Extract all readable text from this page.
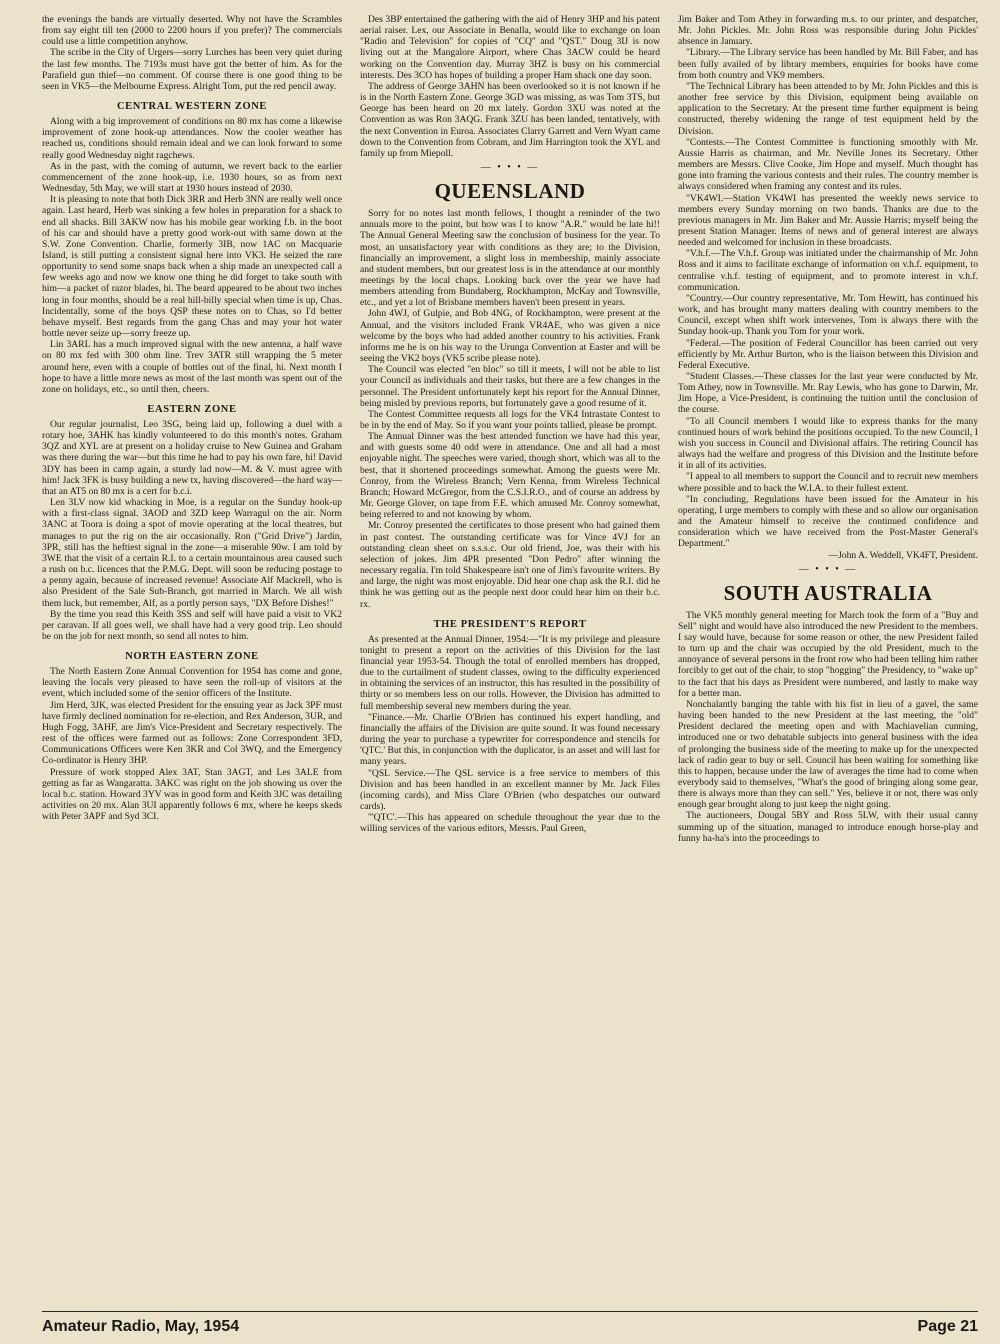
the evenings the bands are virtually deserted. Why not have the Scrambles from say eight till ten (2000 to 2200 hours if you prefer)? The commercials could use a little competition anyhow.

The scribe in the City of Urgers—sorry Lurches has been very quiet during the last few months. The 7193s must have got the better of him. As for the Parafield gun thief—no comment. Of course there is one good thing to be seen in VK5—the Melbourne Express. Alright Tom, put the red pencil away.

CENTRAL WESTERN ZONE

Along with a big improvement of conditions on 80 mx has come a likewise improvement of zone hook-up attendances. Now the cooler weather has reached us, conditions should remain ideal and we can look forward to some really good Wednesday night ragchews.

As in the past, with the coming of autumn, we revert back to the earlier commencement of the zone hook-up, i.e. 1930 hours, so as from next Wednesday, 5th May, we will start at 1930 hours instead of 2030.

It is pleasing to note that both Dick 3RR and Herb 3NN are really well once again. Last heard, Herb was sinking a few holes in preparation for a shack to end all shacks. Bill 3AKW now has his mobile gear working f.b. in the boot of his car and should have a pretty good work-out with same down at the S.W. Zone Convention. Charlie, formerly 3IB, now 1AC on Macquarie Island, is still putting a consistent signal here into VK3. He seized the rare opportunity to send some snaps back when a ship made an unexpected call a few weeks ago and now we know one thing he did forget to take south with him—a packet of razor blades, hi. The beard appeared to be about two inches long in four months, should be a real hill-billy special when time is up, Chas. Incidentally, some of the boys QSP these notes on to Chas, so I'd better behave myself. Best regards from the gang Chas and may your hot water bottle never seize up—sorry freeze up.

Lin 3ARL has a much improved signal with the new antenna, a half wave on 80 mx fed with 300 ohm line. Trev 3ATR still wrapping the 5 meter around here, even with a couple of bottles out of the final, hi. Next month I hope to have a little more news as most of the last month was spent out of the zone on holidays, etc., so until then, cheers.

EASTERN ZONE

Our regular journalist, Leo 3SG, being laid up, following a duel with a rotary hoe, 3AHK has kindly volunteered to do this month's notes. Graham 3QZ and XYL are at present on a holiday cruise to New Guinea and Graham was there during the war—but this time he had to pay his own fare, hi! David 3DY has been in camp again, a sturdy lad now—M. & V. must agree with him! Jack 3FK is busy building a new tx, having discovered—the hard way—that an AT5 on 80 mx is a cert for b.c.i.

Len 3LV now kid whacking in Moe, is a regular on the Sunday hook-up with a first-class signal. 3AOD and 3ZD keep Warragul on the air. Norm 3ANC at Toora is doing a spot of movie operating at the local theatres, but manages to put the rig on the air occasionally. Ron ("Grid Drive") Jardin, 3PR, still has the heftiest signal in the zone—a miserable 90w. I am told by 3WE that the visit of a certain R.I. to a certain mountainous area caused such a rush on b.c. licences that the P.M.G. Dept. will soon be reducing postage to a penny again, because of increased revenue! Associate Alf Mackrell, who is also President of the Sale Sub-Branch, got married in March. We all wish them luck, but remember, Alf, as a portly person says, "DX Before Dishes!"

By the time you read this Keith 3SS and self will have paid a visit to VK2 per caravan. If all goes well, we shall have had a very good trip. Leo should be on the job for next month, so send all notes to him.

NORTH EASTERN ZONE

The North Eastern Zone Annual Convention for 1954 has come and gone, leaving the locals very pleased to have seen the roll-up of visitors at the event, which included some of the senior officers of the Institute.

Jim Herd, 3JK, was elected President for the ensuing year as Jack 3PF must have firmly declined nomination for re-election, and Rex Anderson, 3UR, and Hugh Fogg, 3AHF, are Jim's Vice-President and Secretary respectively. The rest of the offices were farmed out as follows: Zone Correspondent 3FD, Communications Officers were Ken 3KR and Col 3WQ, and the Emergency Co-ordinator is Henry 3HP.

Pressure of work stopped Alex 3AT, Stan 3AGT, and Les 3ALE from getting as far as Wangaratta. 3AKC was right on the job showing us over the local b.c. station. Howard 3YV was in good form and Keith 3JC was detailing activities on 20 mx. Alan 3UI apparently follows 6 mx, where he keeps skeds with Peter 3APF and Syd 3CI.

Des 3BP entertained the gathering with the aid of Henry 3HP and his patent aerial raiser. Lex, our Associate in Benalla, would like to exchange on loan "Radio and Television" for copies of "CQ" and "QST." Doug 3IJ is now living out at the Mangalore Airport, where Chas 3ACW could be heard working on the Convention day. Murray 3HZ is busy on his commercial interests. Des 3CO has hopes of building a proper Ham shack one day soon.

The address of George 3AHN has been overlooked so it is not known if he is in the North Eastern Zone. George 3GD was missing, as was Tom 3TS, but George has been heard on 20 mx lately. Gordon 3XU was noted at the Convention as was Ron 3AQG. Frank 3ZU has been landed, tentatively, with the next Convention in Euroa. Associates Clarry Garrett and Vern Wyatt came down to the Convention from Cobram, and Jim Harrington took the XYL and family up from Miepoll.

— • • • —
QUEENSLAND

Sorry for no notes last month fellows, I thought a reminder of the two annuals more to the point, but how was I to know "A.R." would be late hi!! The Annual General Meeting saw the conclusion of business for the year. To most, an unsatisfactory year with conditions as they are; to the Division, financially an improvement, a slight loss in membership, mainly associate and student members, but our greatest loss is in the attendance at our monthly meetings by the local chaps. Looking back over the year we have had members attending from Bundaberg, Rockhampton, McKay and Townsville, etc., and yet a lot of Brisbane members haven't been present in years.

John 4WJ, of Gulpie, and Bob 4NG, of Rockhampton, were present at the Annual, and the visitors included Frank VR4AE, who was given a nice welcome by the boys who had added another country to his activities. Frank informs me he is on his way to the Urunga Convention at Easter and will be seeing the VK2 boys (VK5 scribe please note).

The Council was elected "en bloc" so till it meets, I will not be able to list your Council as individuals and their tasks, but there are a few changes in the personnel. The President unfortunately kept his report for the Annual Dinner, being misled by previous reports, but fortunately gave a good resume of it.

The Contest Committee requests all logs for the VK4 Intrastate Contest to be in by the end of May. So if you want your points tallied, please be prompt.

The Annual Dinner was the best attended function we have had this year, and with guests some 40 odd were in attendance. One and all had a most enjoyable night. The speeches were varied, though short, which was all to the best, that it shortened proceedings somewhat. Among the guests were Mr. Conroy, from the Wireless Branch; Vern Kenna, from Wireless Technical Branch; Howard McGregor, from the C.S.I.R.O., and of course an address by Mr. George Glover, on tape from F.E. which amused Mr. Conroy somewhat, being referred to and not knowing by whom.

Mr. Conroy presented the certificates to those present who had gained them in past contest. The outstanding certificate was for Vince 4VJ for an outstanding clean sheet on s.s.s.c. Our old friend, Joe, was their with his selection of jokes. Jim 4PR presented "Don Pedro" after winning the necessary regalia. I'm told Shakespeare isn't one of Jim's favourite writers. By and large, the night was most enjoyable. Did hear one chap ask the R.I. did he think he was getting out as the people next door could hear him on their b.c. rx.

THE PRESIDENT'S REPORT

As presented at the Annual Dinner, 1954:—"It is my privilege and pleasure tonight to present a report on the activities of this Division for the last financial year 1953-54. Though the total of enrolled members has dropped, due to the curtailment of student classes, owing to the difficulty experienced in obtaining the services of an instructor, this has resulted in the possibility of thirty or so members less on our rolls. However, the Division has admitted to full membership several new members during the year.

"Finance.—Mr. Charlie O'Brien has continued his expert handling, and financially the affairs of the Division are quite sound. It was found necessary during the year to purchase a typewriter for correspondence and stencils for 'QTC.' But this, in conjunction with the duplicator, is an asset and will last for many years.

"QSL Service.—The QSL service is a free service to members of this Division and has been handled in an excellent manner by Mr. Jack Files (incoming cards), and Miss Clare O'Brien (who despatches our outward cards).

"'QTC'.—This has appeared on schedule throughout the year due to the willing services of the various editors, Messrs. Paul Green,

Jim Baker and Tom Athey in forwarding m.s. to our printer, and despatcher, Mr. John Pickles. Mr. John Ross was responsible during John Pickles' absence in January.

"Library.—The Library service has been handled by Mr. Bill Faber, and has been fully availed of by library members, enquiries for books have come from both country and VK9 members.

"The Technical Library has been attended to by Mr. John Pickles and this is another free service by this Division, equipment being available on application to the Secretary. At the present time further equipment is being constructed, thereby widening the range of test equipment held by the Division.

"Contests.—The Contest Committee is functioning smoothly with Mr. Aussie Harris as chairman, and Mr. Neville Jones its Secretary. Other members are Messrs. Clive Cooke, Jim Hope and myself. Much thought has gone into framing the various contests and their rules. The country member is always considered when framing any contest and its rules.

"VK4WI.—Station VK4WI has presented the weekly news service to members every Sunday morning on two bands. Thanks are due to the previous managers in Mr. Jim Baker and Mr. Aussie Harris; myself being the present Station Manager. Items of news and of general interest are always needed and welcomed for inclusion in these broadcasts.

"V.h.f.—The V.h.f. Group was initiated under the chairmanship of Mr. John Ross and it aims to facilitate exchange of information on v.h.f. equipment, to centralise v.h.f. testing of equipment, and to promote interest in v.h.f. communication.

"Country.—Our country representative, Mr. Tom Hewitt, has continued his work, and has brought many matters dealing with country members to the Council, except when shift work intervenes, Tom is always there with the Sunday hook-up. Thank you Tom for your work.

"Federal.—The position of Federal Councillor has been carried out very efficiently by Mr. Arthur Burton, who is the liaison between this Division and Federal Executive.

"Student Classes.—These classes for the last year were conducted by Mr. Tom Athey, now in Townsville. Mr. Ray Lewis, who has gone to Darwin, Mr. Jim Hope, a Vice-President, is continuing the tuition until the conclusion of the course.

"To all Council members I would like to express thanks for the many continued hours of work behind the positions occupied. To the new Council, I wish you success in Council and Divisional affairs. The retiring Council has always had the welfare and progress of this Division and the Institute before it in all of its activities.

"I appeal to all members to support the Council and to recruit new members where possible and to back the W.I.A. to their fullest extent.

"In concluding, Regulations have been issued for the Amateur in his operating, I urge members to comply with these and so allow our organisation and the Amateur himself to receive the continued confidence and consideration which we have received from the Post-Master General's Department."

—John A. Weddell, VK4FT, President.

— • • • —
SOUTH AUSTRALIA

The VK5 monthly general meeting for March took the form of a "Buy and Sell" night and would have also introduced the new President to the members. I say would have, because for some reason or other, the new President failed to turn up and the chair was occupied by the old President, much to the annoyance of several persons in the front row who had been telling him rather forcibly to get out of the chair, to stop "hogging" the Presidency, to "wake up" to the fact that his days as President were numbered, and lastly to make way for a better man.

Nonchalantly banging the table with his fist in lieu of a gavel, the same having been handed to the new President at the last meeting, the "old" President declared the meeting open and with Machiavelian cunning, introduced one or two debatable subjects into general business with the idea of prolonging the business side of the meeting to make up for the unexpected lack of radio gear to buy or sell. Council has been waiting for something like this to happen, because under the law of averages the time had to come when everybody said to themselves, "What's the good of bringing along some gear, there is always more than they can sell." Yes, believe it or not, there was only enough gear brought along to just keep the night going.

The auctioneers, Dougal 5BY and Ross 5LW, with their usual canny summing up of the situation, managed to introduce enough horse-play and funny ha-ha's into the proceedings to

Amateur Radio, May, 1954	Page 21
